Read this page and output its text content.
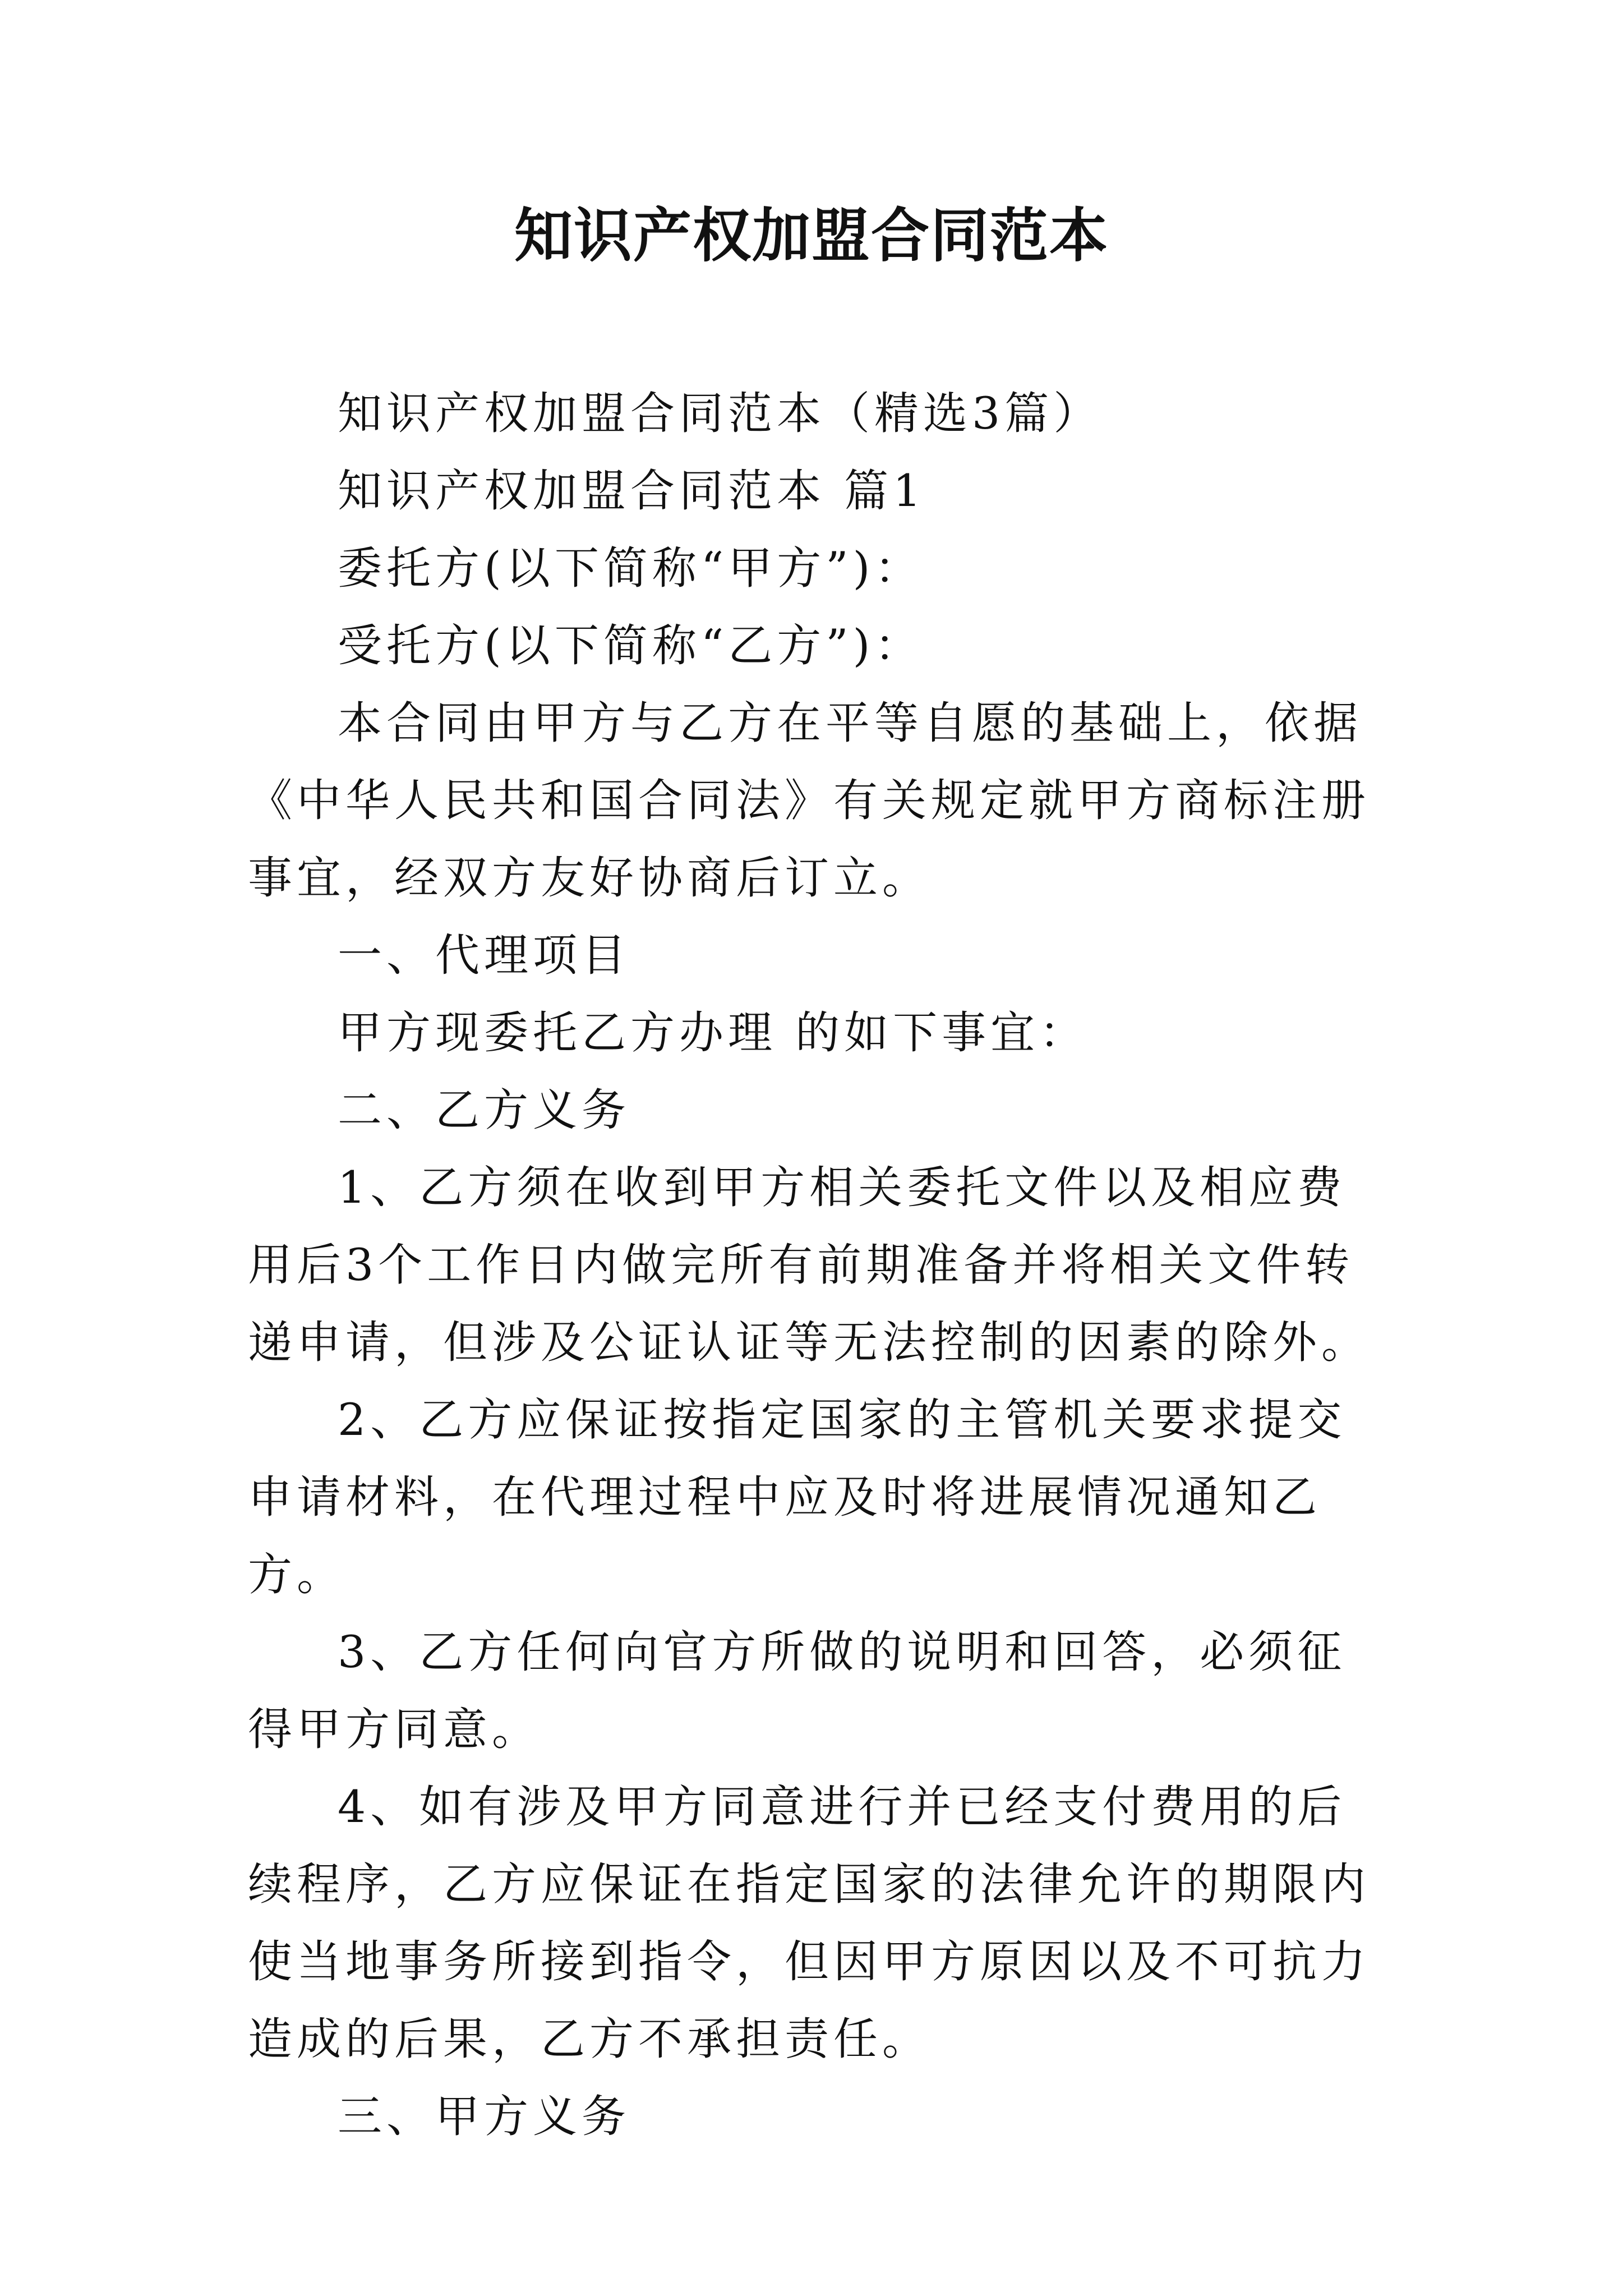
知识产权加盟合同范本

知识产权加盟合同范本（精选3篇）

知识产权加盟合同范本 篇1

委托方(以下简称“甲方”)：

受托方(以下简称“乙方”)：

本合同由甲方与乙方在平等自愿的基础上，依据《中华人民共和国合同法》有关规定就甲方商标注册事宜，经双方友好协商后订立。

一、代理项目

甲方现委托乙方办理 的如下事宜：

二、乙方义务

1、乙方须在收到甲方相关委托文件以及相应费用后3个工作日内做完所有前期准备并将相关文件转递申请，但涉及公证认证等无法控制的因素的除外。

2、乙方应保证按指定国家的主管机关要求提交申请材料，在代理过程中应及时将进展情况通知乙方。

3、乙方任何向官方所做的说明和回答，必须征得甲方同意。

4、如有涉及甲方同意进行并已经支付费用的后续程序，乙方应保证在指定国家的法律允许的期限内使当地事务所接到指令，但因甲方原因以及不可抗力造成的后果，乙方不承担责任。

三、甲方义务
